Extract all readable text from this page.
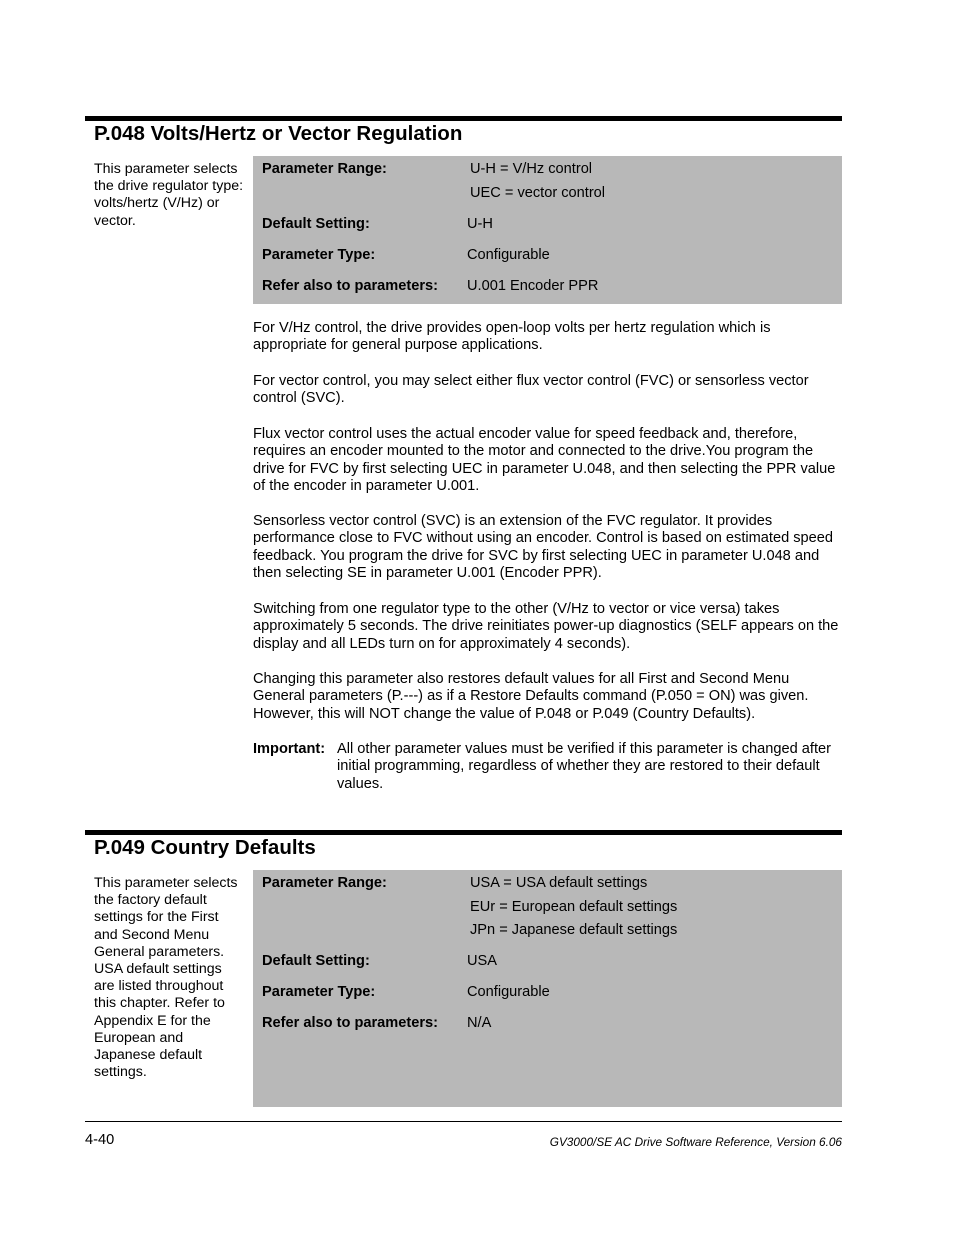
P.048 Volts/Hertz or Vector Regulation
This parameter selects the drive regulator type: volts/hertz (V/Hz) or vector.
Parameter Range:	U-H = V/Hz control
UEC = vector control
Default Setting:	U-H
Parameter Type:	Configurable
Refer also to parameters: U.001 Encoder PPR
For V/Hz control, the drive provides open-loop volts per hertz regulation which is appropriate for general purpose applications.
For vector control, you may select either flux vector control (FVC) or sensorless vector control (SVC).
Flux vector control uses the actual encoder value for speed feedback and, therefore, requires an encoder mounted to the motor and connected to the drive.You program the drive for FVC by first selecting UEC in parameter U.048, and then selecting the PPR value of the encoder in parameter U.001.
Sensorless vector control (SVC) is an extension of the FVC regulator. It provides performance close to FVC without using an encoder. Control is based on estimated speed feedback. You program the drive for SVC by first selecting UEC in parameter U.048 and then selecting SE in parameter U.001 (Encoder PPR).
Switching from one regulator type to the other (V/Hz to vector or vice versa) takes approximately 5 seconds. The drive reinitiates power-up diagnostics (SELF appears on the display and all LEDs turn on for approximately 4 seconds).
Changing this parameter also restores default values for all First and Second Menu General parameters (P.---) as if a Restore Defaults command (P.050 = ON) was given. However, this will NOT change the value of P.048 or P.049 (Country Defaults).
Important: All other parameter values must be verified if this parameter is changed after initial programming, regardless of whether they are restored to their default values.
P.049 Country Defaults
This parameter selects the factory default settings for the First and Second Menu General parameters. USA default settings are listed throughout this chapter. Refer to Appendix E for the European and Japanese default settings.
Parameter Range:	USA = USA default settings
EUr = European default settings
JPn = Japanese default settings
Default Setting:	USA
Parameter Type:	Configurable
Refer also to parameters: N/A
4-40	GV3000/SE AC Drive Software Reference, Version 6.06
